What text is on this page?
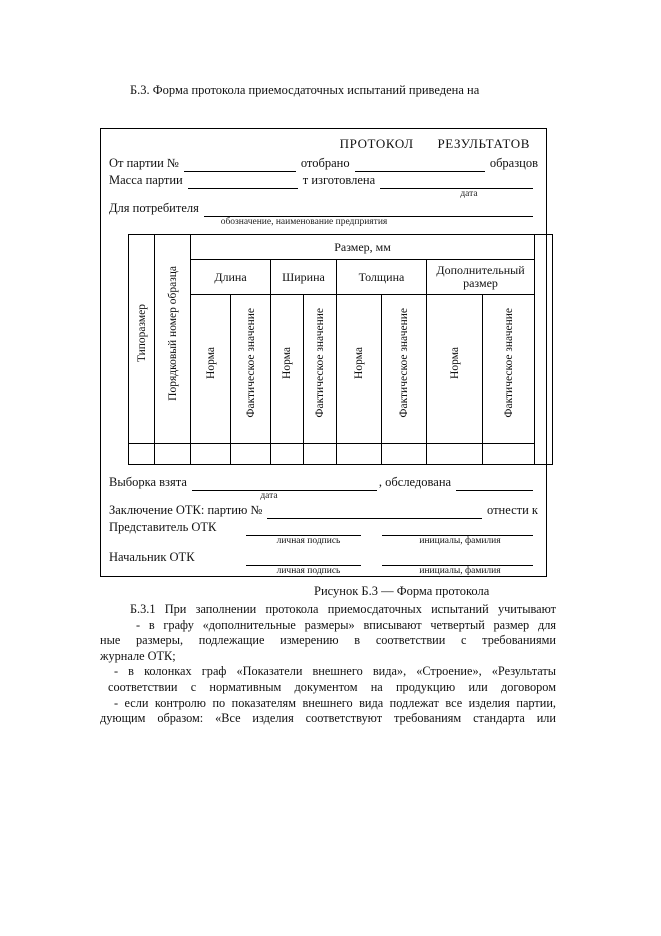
Б.3. Форма протокола приемосдаточных испытаний приведена на
ПРОТОКОЛ РЕЗУЛЬТАТОВ
От партии №	отобрано	образцов
Масса партии	т изготовлена
дата
Для потребителя
обозначение, наименование предприятия
Типоразмер	Порядковый номер образца	Размер, мм								
		Длина		Ширина		Толщина		Дополнительный размер		
		Норма	Фактическое значение	Норма	Фактическое значение	Норма	Фактическое значение	Норма	Фактическое значение	

Выборка взята	, обследована
дата
Заключение ОТК: партию №	отнести к
Представитель ОТК
личная подпись	инициалы, фамилия
Начальник ОТК
личная подпись	инициалы, фамилия
Рисунок Б.3 — Форма протокола
Б.3.1 При заполнении протокола приемосдаточных испытаний учитывают
- в графу «дополнительные размеры» вписывают четвертый размер для
ные размеры, подлежащие измерению в соответствии с требованиями
журнале ОТК;
- в колонках граф «Показатели внешнего вида», «Строение», «Результаты
соответствии с нормативным документом на продукцию или договором
- если контролю по показателям внешнего вида подлежат все изделия партии,
дующим образом: «Все изделия соответствуют требованиям стандарта или
